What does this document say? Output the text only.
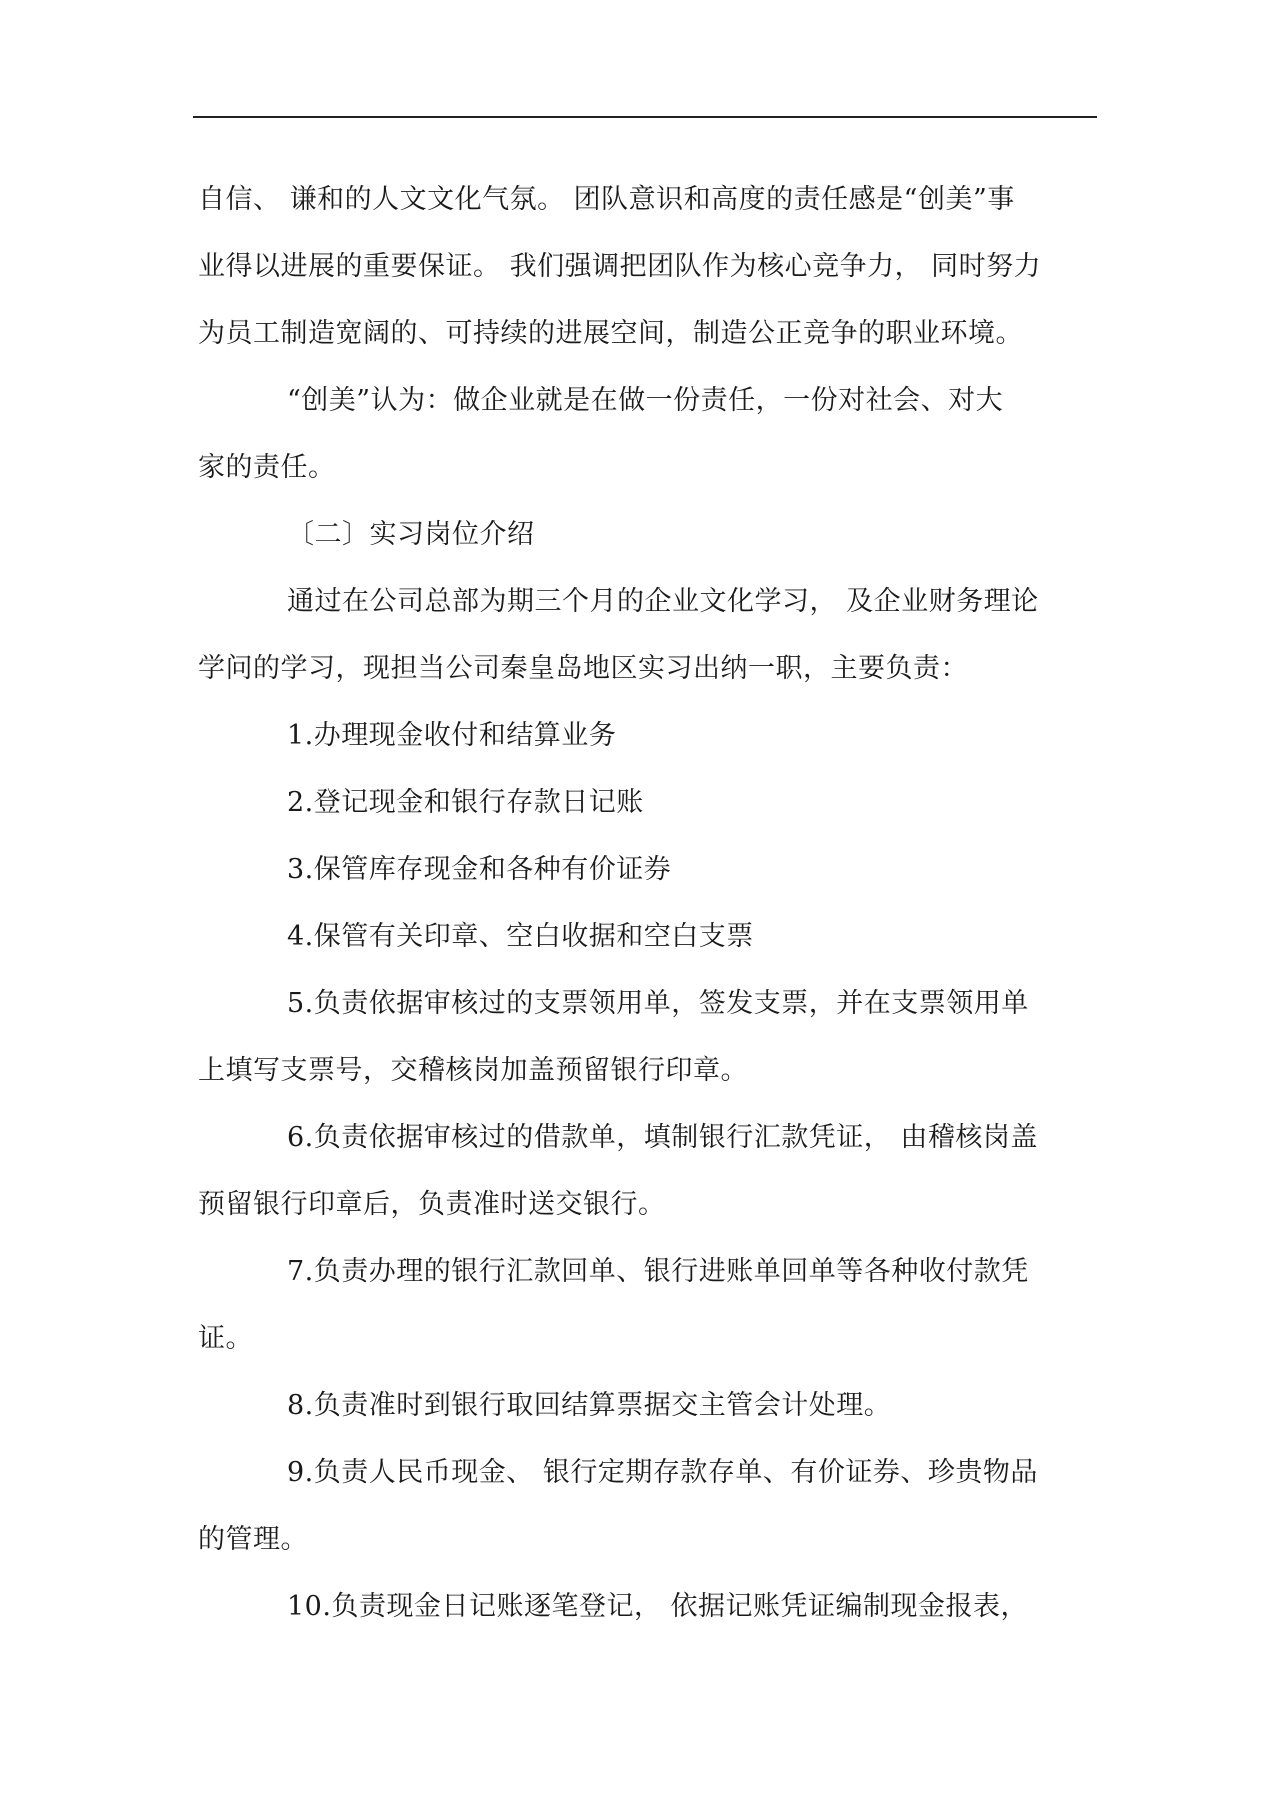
自信、 谦和的人文文化气氛。 团队意识和高度的责任感是“创美”事
业得以进展的重要保证。 我们强调把团队作为核心竞争力， 同时努力
为员工制造宽阔的、可持续的进展空间，制造公正竞争的职业环境。
“创美”认为：做企业就是在做一份责任，一份对社会、对大
家的责任。
〔二〕实习岗位介绍
通过在公司总部为期三个月的企业文化学习， 及企业财务理论
学问的学习，现担当公司秦皇岛地区实习出纳一职，主要负责：
1.办理现金收付和结算业务
2.登记现金和银行存款日记账
3.保管库存现金和各种有价证券
4.保管有关印章、空白收据和空白支票
5.负责依据审核过的支票领用单，签发支票，并在支票领用单
上填写支票号，交稽核岗加盖预留银行印章。
6.负责依据审核过的借款单，填制银行汇款凭证， 由稽核岗盖
预留银行印章后，负责准时送交银行。
7.负责办理的银行汇款回单、银行进账单回单等各种收付款凭
证。
8.负责准时到银行取回结算票据交主管会计处理。
9.负责人民币现金、 银行定期存款存单、有价证券、珍贵物品
的管理。
10.负责现金日记账逐笔登记， 依据记账凭证编制现金报表，
